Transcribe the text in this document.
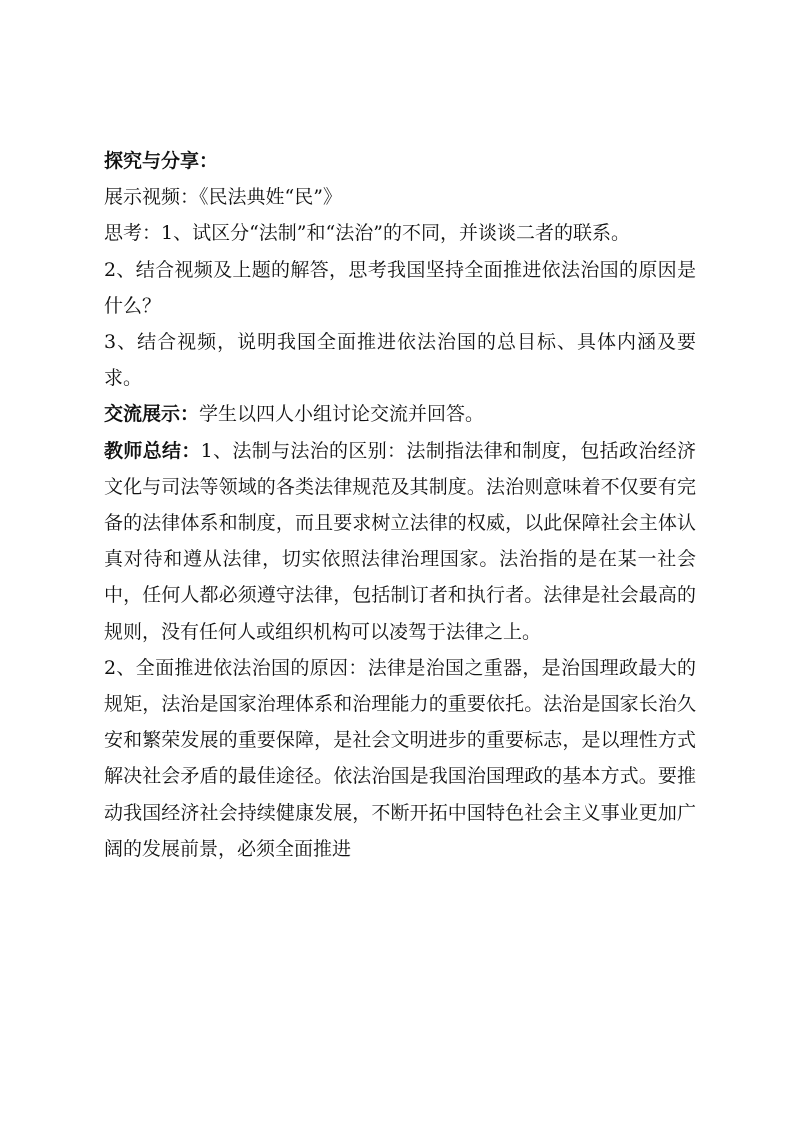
探究与分享：

展示视频：《民法典姓“民”》

思考：1、试区分“法制”和“法治”的不同，并谈谈二者的联系。

2、结合视频及上题的解答，思考我国坚持全面推进依法治国的原因是什么？

3、结合视频，说明我国全面推进依法治国的总目标、具体内涵及要求。

交流展示：学生以四人小组讨论交流并回答。

教师总结：1、法制与法治的区别：法制指法律和制度，包括政治经济文化与司法等领域的各类法律规范及其制度。法治则意味着不仅要有完备的法律体系和制度，而且要求树立法律的权威，以此保障社会主体认真对待和遵从法律，切实依照法律治理国家。法治指的是在某一社会中，任何人都必须遵守法律，包括制订者和执行者。法律是社会最高的规则，没有任何人或组织机构可以凌驾于法律之上。

2、全面推进依法治国的原因：法律是治国之重器，是治国理政最大的规矩，法治是国家治理体系和治理能力的重要依托。法治是国家长治久安和繁荣发展的重要保障，是社会文明进步的重要标志，是以理性方式解决社会矛盾的最佳途径。依法治国是我国治国理政的基本方式。要推动我国经济社会持续健康发展，不断开拓中国特色社会主义事业更加广阔的发展前景，必须全面推进
